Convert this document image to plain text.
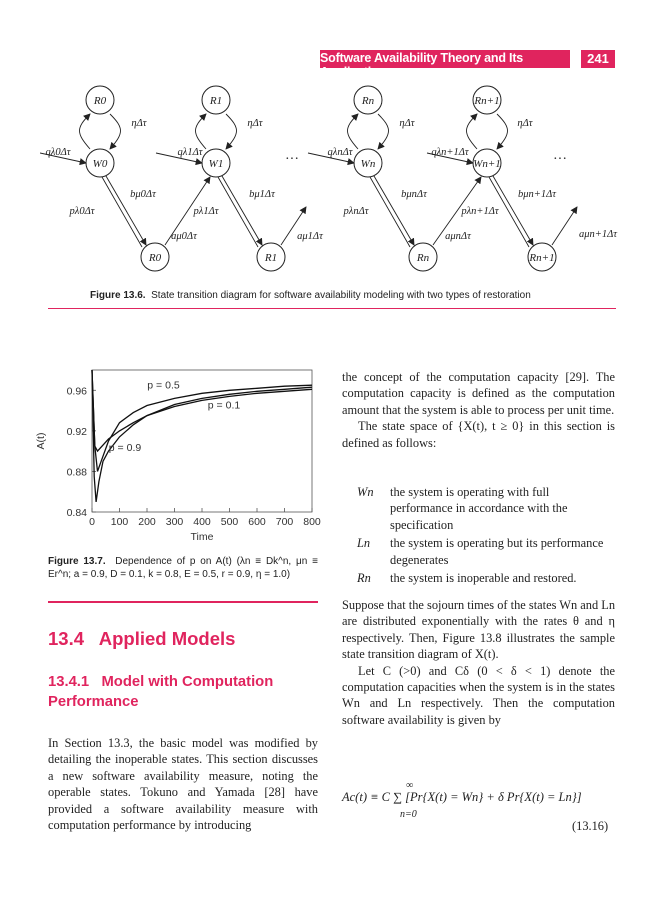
Software Availability Theory and Its Applications
241
R0
W0
R0
R1
W1
R1
Rn
Wn
Rn
Rn+1
Wn+1
Rn+1
qλ0Δτ	qλ1Δτ	qλnΔτ	qλn+1Δτ
ηΔτ	ηΔτ	ηΔτ	ηΔτ
pλ0Δτ	pλ1Δτ	pλnΔτ	pλn+1Δτ
bμ0Δτ	bμ1Δτ	bμnΔτ	bμn+1Δτ
aμ0Δτ	aμ1Δτ	aμnΔτ	aμn+1Δτ
···	···
Figure 13.6. State transition diagram for software availability modeling with two types of restoration
0 100 200 300 400 500 600 700 800
0.84
0.88
0.92
0.96
Time
A(t)
p = 0.5
p = 0.1
p = 0.9
Figure 13.7. Dependence of p on A(t) (λn ≡ Dk^n, μn ≡ Er^n; a = 0.9, D = 0.1, k = 0.8, E = 0.5, r = 0.9, η = 1.0)
13.4   Applied Models
13.4.1   Model with Computation
Performance

In Section 13.3, the basic model was modified by detailing the inoperable states. This section discusses a new software availability measure, noting the operable states. Tokuno and Yamada [28] have provided a software availability measure with computation performance by introducing

the concept of the computation capacity [29]. The computation capacity is defined as the computation amount that the system is able to process per unit time.

The state space of {X(t), t ≥ 0} in this section is defined as follows:

Wn the system is operating with full performance in accordance with the specification
Ln the system is operating but its performance degenerates
Rn the system is inoperable and restored.

Suppose that the sojourn times of the states Wn and Ln are distributed exponentially with the rates θ and η respectively. Then, Figure 13.8 illustrates the sample state transition diagram of X(t).

Let C (>0) and Cδ (0 < δ < 1) denote the computation capacities when the system is in the states Wn and Ln respectively. Then the computation software availability is given by

∞
Ac(t) ≡ C ∑ [Pr{X(t) = Wn} + δ Pr{X(t) = Ln}]
n=0
(13.16)
